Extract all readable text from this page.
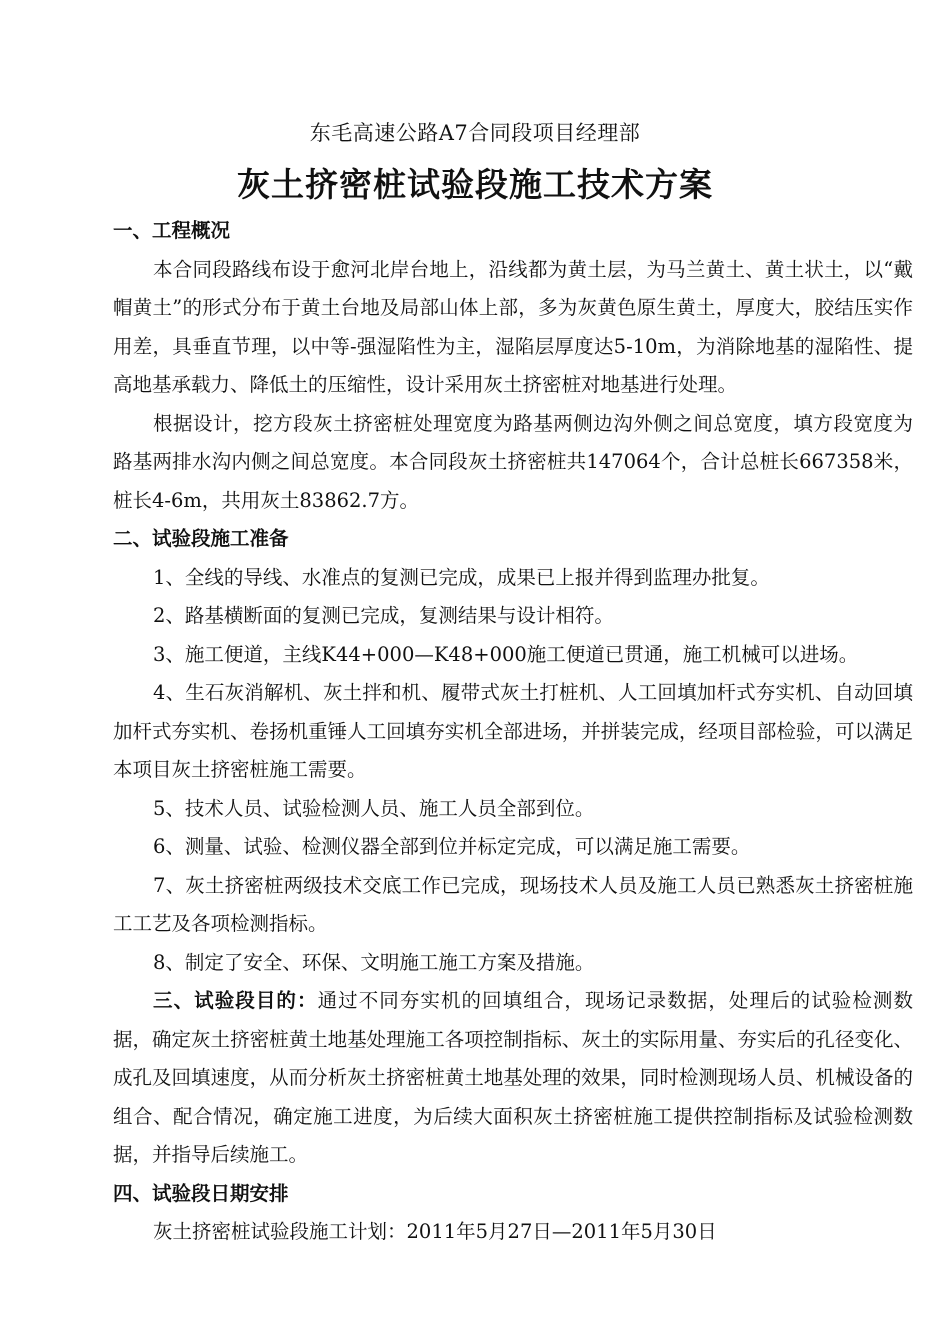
东毛高速公路A7合同段项目经理部
灰土挤密桩试验段施工技术方案

一、工程概况

本合同段路线布设于愈河北岸台地上，沿线都为黄土层，为马兰黄土、黄土状土，以“戴帽黄土”的形式分布于黄土台地及局部山体上部，多为灰黄色原生黄土，厚度大，胶结压实作用差，具垂直节理，以中等-强湿陷性为主，湿陷层厚度达5-10m，为消除地基的湿陷性、提高地基承载力、降低土的压缩性，设计采用灰土挤密桩对地基进行处理。

根据设计，挖方段灰土挤密桩处理宽度为路基两侧边沟外侧之间总宽度，填方段宽度为路基两排水沟内侧之间总宽度。本合同段灰土挤密桩共147064个，合计总桩长667358米，桩长4-6m，共用灰土83862.7方。

二、试验段施工准备

1、全线的导线、水准点的复测已完成，成果已上报并得到监理办批复。

2、路基横断面的复测已完成，复测结果与设计相符。

3、施工便道，主线K44+000—K48+000施工便道已贯通，施工机械可以进场。

4、生石灰消解机、灰土拌和机、履带式灰土打桩机、人工回填加杆式夯实机、自动回填加杆式夯实机、卷扬机重锤人工回填夯实机全部进场，并拼装完成，经项目部检验，可以满足本项目灰土挤密桩施工需要。

5、技术人员、试验检测人员、施工人员全部到位。

6、测量、试验、检测仪器全部到位并标定完成，可以满足施工需要。

7、灰土挤密桩两级技术交底工作已完成，现场技术人员及施工人员已熟悉灰土挤密桩施工工艺及各项检测指标。

8、制定了安全、环保、文明施工施工方案及措施。

三、试验段目的：通过不同夯实机的回填组合，现场记录数据，处理后的试验检测数据，确定灰土挤密桩黄土地基处理施工各项控制指标、灰土的实际用量、夯实后的孔径变化、成孔及回填速度，从而分析灰土挤密桩黄土地基处理的效果，同时检测现场人员、机械设备的组合、配合情况，确定施工进度，为后续大面积灰土挤密桩施工提供控制指标及试验检测数据，并指导后续施工。

四、试验段日期安排

灰土挤密桩试验段施工计划：2011年5月27日—2011年5月30日
